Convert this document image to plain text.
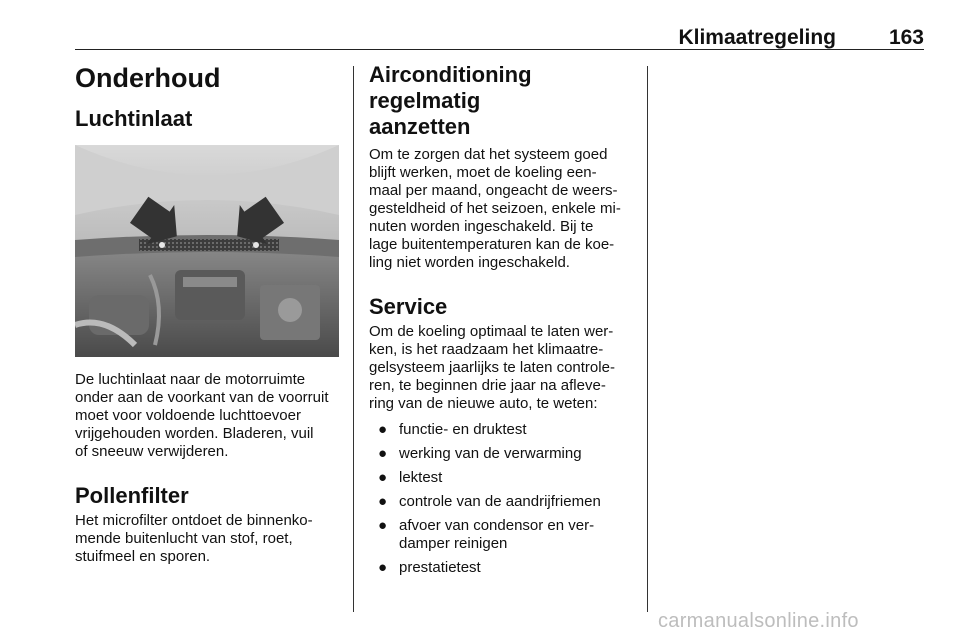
Klimaatregeling	163
Onderhoud
Luchtinlaat

De luchtinlaat naar de motorruimte

onder aan de voorkant van de voorruit

moet voor voldoende luchttoevoer

vrijgehouden worden. Bladeren, vuil

of sneeuw verwijderen.

Pollenfilter

Het microfilter ontdoet de binnenko-

mende buitenlucht van stof, roet,

stuifmeel en sporen.

Airconditioning regelmatig
aanzetten

Om te zorgen dat het systeem goed

blijft werken, moet de koeling een-

maal per maand, ongeacht de weers-

gesteldheid of het seizoen, enkele mi-

nuten worden ingeschakeld. Bij te

lage buitentemperaturen kan de koe-

ling niet worden ingeschakeld.

Service

Om de koeling optimaal te laten wer-

ken, is het raadzaam het klimaatre-

gelsysteem jaarlijks te laten controle-

ren, te beginnen drie jaar na afleve-

ring van de nieuwe auto, te weten:

● functie- en druktest
● werking van de verwarming
● lektest
● controle van de aandrijfriemen
● afvoer van condensor en ver-
damper reinigen
● prestatietest
carmanualsonline.info
